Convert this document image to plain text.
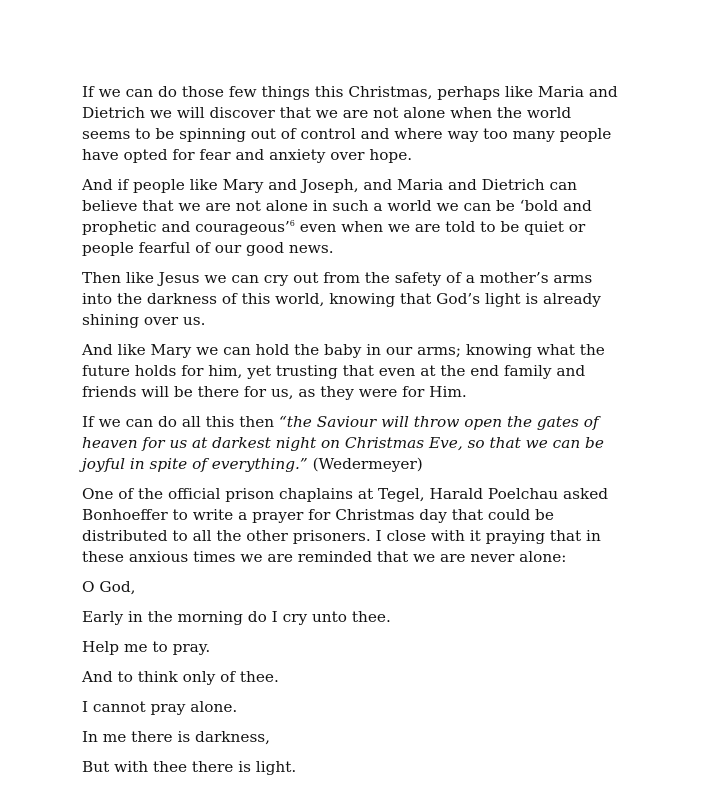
If we can do those few things this Christmas, perhaps like Maria and Dietrich we will discover that we are not alone when the world seems to be spinning out of control and where way too many people have opted for fear and anxiety over hope.

And if people like Mary and Joseph, and Maria and Dietrich can believe that we are not alone in such a world we can be ‘bold and prophetic and courageous’$^6$ even when we are told to be quiet or people fearful of our good news.

Then like Jesus we can cry out from the safety of a mother’s arms into the darkness of this world, knowing that God’s light is already shining over us.

And like Mary we can hold the baby in our arms; knowing what the future holds for him, yet trusting that even at the end family and friends will be there for us, as they were for Him.

If we can do all this then “the Saviour will throw open the gates of heaven for us at darkest night on Christmas Eve, so that we can be joyful in spite of everything.” (Wedermeyer)

One of the official prison chaplains at Tegel, Harald Poelchau asked Bonhoeffer to write a prayer for Christmas day that could be distributed to all the other prisoners. I close with it praying that in these anxious times we are reminded that we are never alone:

O God,

Early in the morning do I cry unto thee.

Help me to pray.

And to think only of thee.

I cannot pray alone.

In me there is darkness,

But with thee there is light.
